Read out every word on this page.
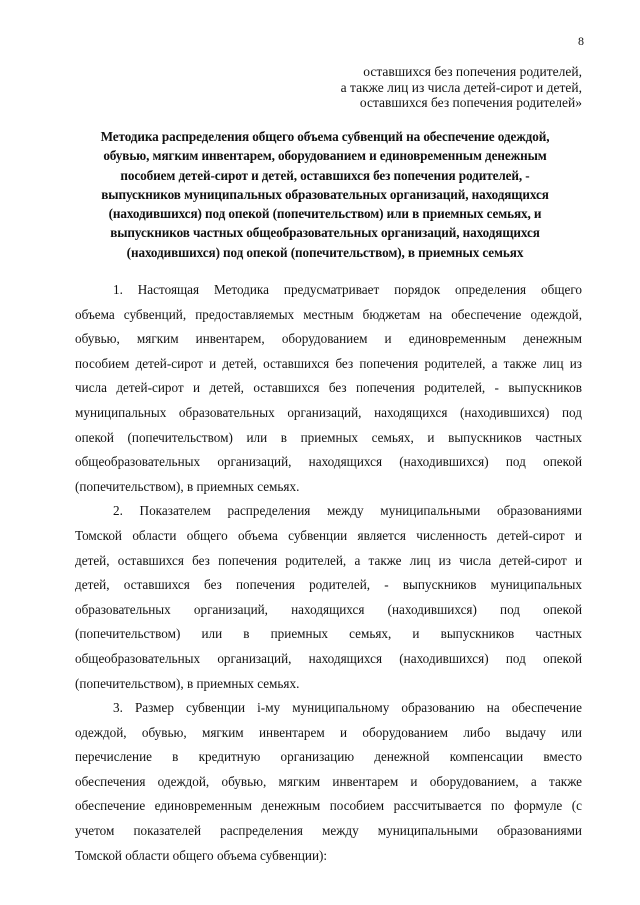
8
оставшихся без попечения родителей,
а также лиц из числа детей-сирот и детей,
оставшихся без попечения родителей»
Методика распределения общего объема субвенций на обеспечение одеждой,
обувью, мягким инвентарем, оборудованием и единовременным денежным
пособием детей-сирот и детей, оставшихся без попечения родителей, -
выпускников муниципальных образовательных организаций, находящихся
(находившихся) под опекой (попечительством) или в приемных семьях, и
выпускников частных общеобразовательных организаций, находящихся
(находившихся) под опекой (попечительством), в приемных семьях
1. Настоящая Методика предусматривает порядок определения общего
объема субвенций, предоставляемых местным бюджетам на обеспечение одеждой,
обувью, мягким инвентарем, оборудованием и единовременным денежным
пособием детей-сирот и детей, оставшихся без попечения родителей, а также лиц из
числа детей-сирот и детей, оставшихся без попечения родителей, - выпускников
муниципальных образовательных организаций, находящихся (находившихся) под
опекой (попечительством) или в приемных семьях, и выпускников частных
общеобразовательных организаций, находящихся (находившихся) под опекой
(попечительством), в приемных семьях.
2. Показателем распределения между муниципальными образованиями
Томской области общего объема субвенции является численность детей-сирот и
детей, оставшихся без попечения родителей, а также лиц из числа детей-сирот и
детей, оставшихся без попечения родителей, - выпускников муниципальных
образовательных организаций, находящихся (находившихся) под опекой
(попечительством) или в приемных семьях, и выпускников частных
общеобразовательных организаций, находящихся (находившихся) под опекой
(попечительством), в приемных семьях.
3. Размер субвенции i-му муниципальному образованию на обеспечение
одеждой, обувью, мягким инвентарем и оборудованием либо выдачу или
перечисление в кредитную организацию денежной компенсации вместо
обеспечения одеждой, обувью, мягким инвентарем и оборудованием, а также
обеспечение единовременным денежным пособием рассчитывается по формуле (с
учетом показателей распределения между муниципальными образованиями
Томской области общего объема субвенции):
